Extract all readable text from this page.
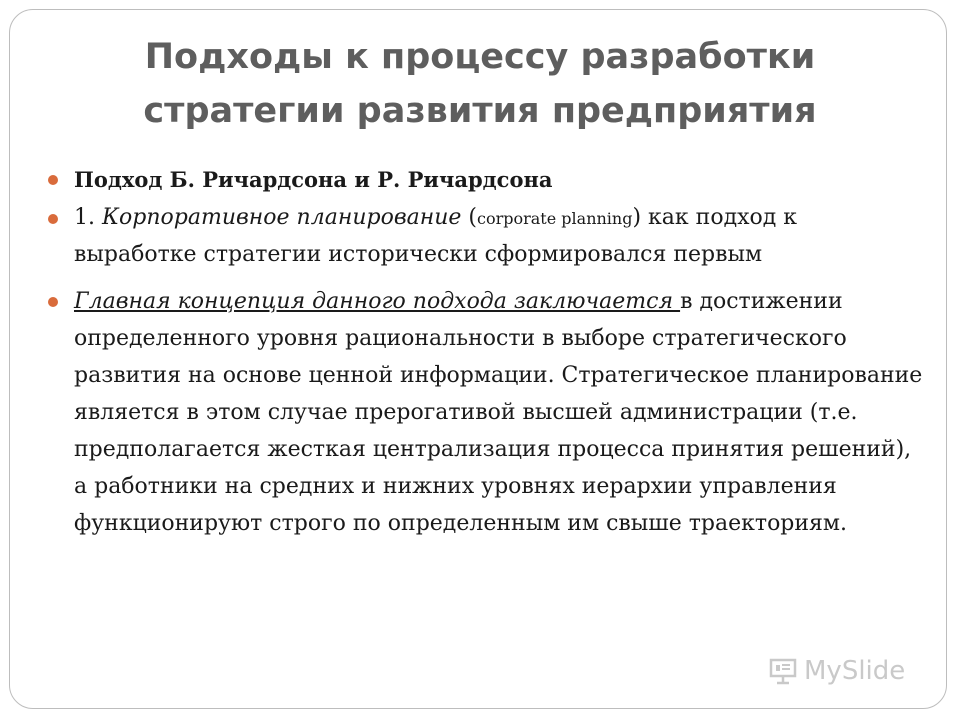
Подходы к процессу разработки
стратегии развития предприятия
Подход Б. Ричардсона и Р. Ричардсона
1. Корпоративное планирование (corporate planning) как подход к выработке стратегии исторически сформировался первым
Главная концепция данного подхода заключается в достижении определенного уровня рациональности в выборе стратегического развития на основе ценной информации. Стратегическое планирование является в этом случае прерогативой высшей администрации (т.е. предполагается жесткая централизация процесса принятия решений), а работники на средних и нижних уровнях иерархии управления функционируют строго по определенным им свыше траекториям.
MySlide
